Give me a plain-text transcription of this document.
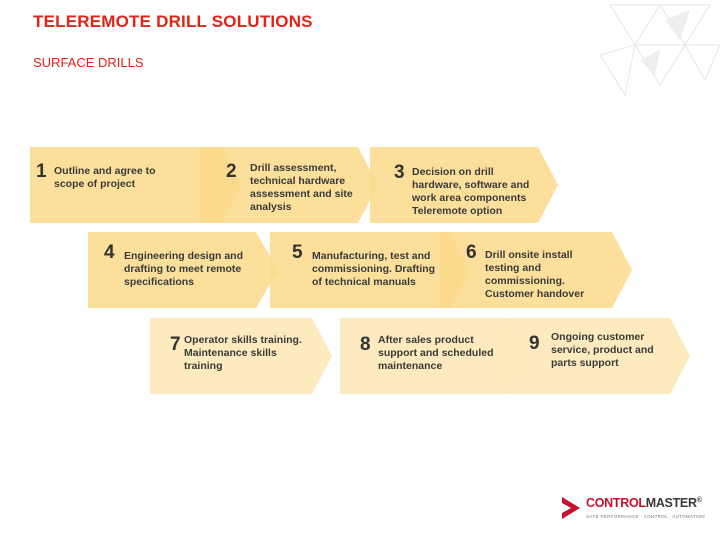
TELEREMOTE DRILL SOLUTIONS
SURFACE DRILLS
1 Outline and agree to scope of project
2 Drill assessment, technical hardware assessment and site analysis
3 Decision on drill hardware, software and work area components Teleremote option
4 Engineering design and drafting to meet remote specifications
5 Manufacturing, test and commissioning. Drafting of technical manuals
6 Drill onsite install testing and commissioning. Customer handover
7 Operator skills training. Maintenance skills training
8 After sales product support and scheduled maintenance
9 Ongoing customer service, product and parts support
CONTROLMASTER®
SAFE PERFORMANCE · CONTROL · AUTOMATION
